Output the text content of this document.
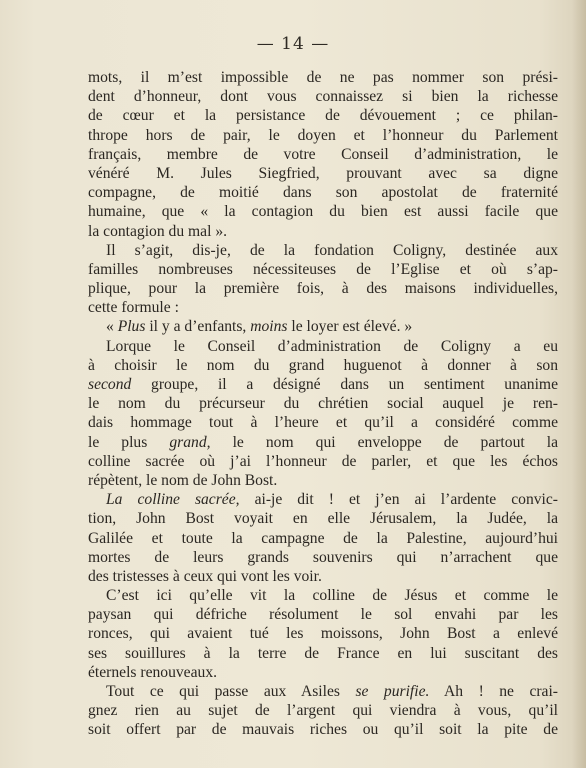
— 14 —
mots, il m’est impossible de ne pas nommer son prési-
dent d’honneur, dont vous connaissez si bien la richesse
de cœur et la persistance de dévouement ; ce philan-
thrope hors de pair, le doyen et l’honneur du Parlement
français, membre de votre Conseil d’administration, le
vénéré M. Jules Siegfried, prouvant avec sa digne
compagne, de moitié dans son apostolat de fraternité
humaine, que « la contagion du bien est aussi facile que
la contagion du mal ».
Il s’agit, dis-je, de la fondation Coligny, destinée aux
familles nombreuses nécessiteuses de l’Eglise et où s’ap-
plique, pour la première fois, à des maisons individuelles,
cette formule :
« Plus il y a d’enfants, moins le loyer est élevé. »
Lorque le Conseil d’administration de Coligny a eu
à choisir le nom du grand huguenot à donner à son
second groupe, il a désigné dans un sentiment unanime
le nom du précurseur du chrétien social auquel je ren-
dais hommage tout à l’heure et qu’il a considéré comme
le plus grand, le nom qui enveloppe de partout la
colline sacrée où j’ai l’honneur de parler, et que les échos
répètent, le nom de John Bost.
La colline sacrée, ai-je dit ! et j’en ai l’ardente convic-
tion, John Bost voyait en elle Jérusalem, la Judée, la
Galilée et toute la campagne de la Palestine, aujourd’hui
mortes de leurs grands souvenirs qui n’arrachent que
des tristesses à ceux qui vont les voir.
C’est ici qu’elle vit la colline de Jésus et comme le
paysan qui défriche résolument le sol envahi par les
ronces, qui avaient tué les moissons, John Bost a enlevé
ses souillures à la terre de France en lui suscitant des
éternels renouveaux.
Tout ce qui passe aux Asiles se purifie. Ah ! ne crai-
gnez rien au sujet de l’argent qui viendra à vous, qu’il
soit offert par de mauvais riches ou qu’il soit la pite de
